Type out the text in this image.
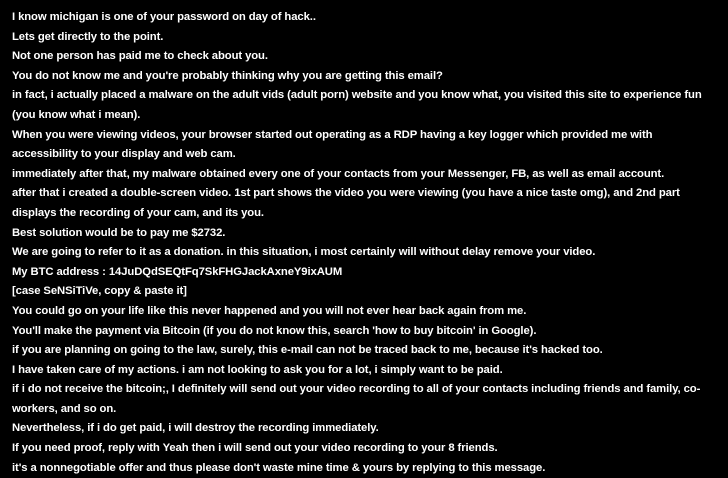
I know michigan is one of your password on day of hack..

Lets get directly to the point.

Not one person has paid me to check about you.

You do not know me and you're probably thinking why you are getting this email?

in fact, i actually placed a malware on the adult vids (adult porn) website and you know what, you visited this site to experience fun (you know what i mean).

When you were viewing videos, your browser started out operating as a RDP having a key logger which provided me with accessibility to your display and web cam.

immediately after that, my malware obtained every one of your contacts from your Messenger, FB, as well as email account.

after that i created a double-screen video. 1st part shows the video you were viewing (you have a nice taste omg), and 2nd part displays the recording of your cam, and its you.

Best solution would be to pay me $2732.

We are going to refer to it as a donation. in this situation, i most certainly will without delay remove your video.

My BTC address : 14JuDQdSEQtFq7SkFHGJackAxneY9ixAUM

[case SeNSiTiVe, copy & paste it]

You could go on your life like this never happened and you will not ever hear back again from me.

You'll make the payment via Bitcoin (if you do not know this, search 'how to buy bitcoin' in Google).

if you are planning on going to the law, surely, this e-mail can not be traced back to me, because it's hacked too.

I have taken care of my actions. i am not looking to ask you for a lot, i simply want to be paid.

if i do not receive the bitcoin;, I definitely will send out your video recording to all of your contacts including friends and family, co-workers, and so on.

Nevertheless, if i do get paid, i will destroy the recording immediately.

If you need proof, reply with Yeah then i will send out your video recording to your 8 friends.

it's a nonnegotiable offer and thus please don't waste mine time & yours by replying to this message.
